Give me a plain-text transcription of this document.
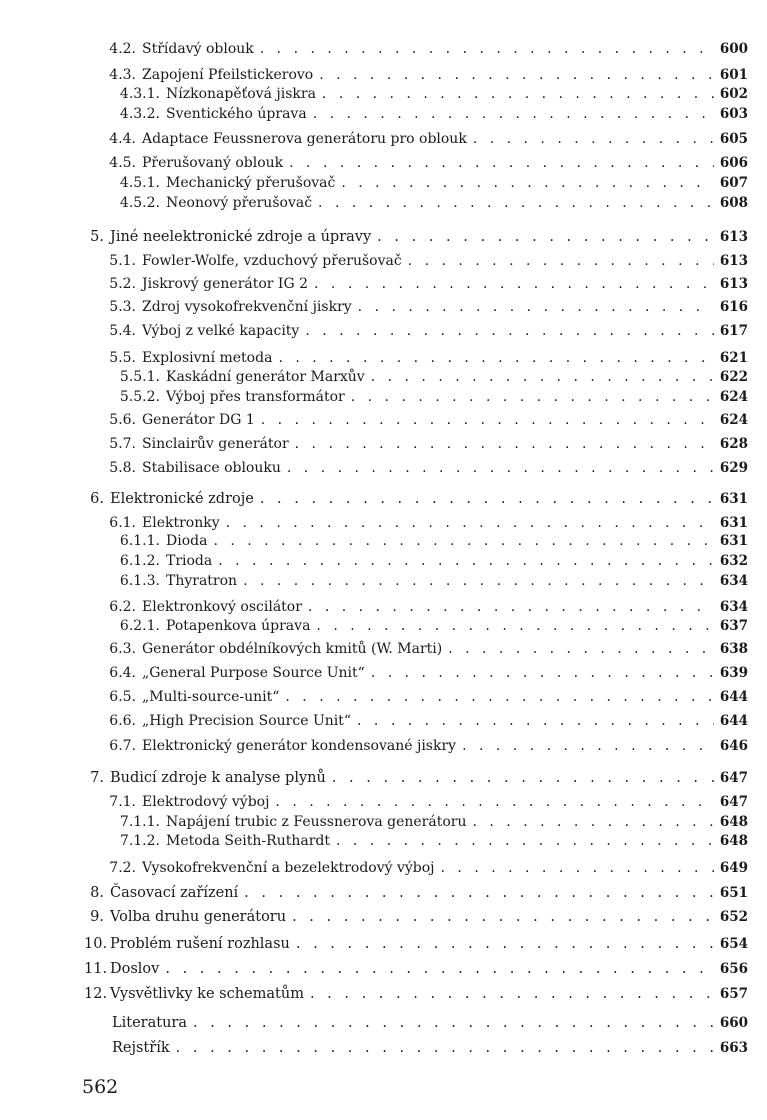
4.2. Střídavý oblouk . . .	600
4.3. Zapojení Pfeilstickerovo . . .	601
4.3.1. Nízkonapěťová jiskra . . .	602
4.3.2. Sventického úprava . . .	603
4.4. Adaptace Feussnerova generátoru pro oblouk . . .	605
4.5. Přerušovaný oblouk . . .	606
4.5.1. Mechanický přerušovač . . .	607
4.5.2. Neonový přerušovač . . .	608
5. Jiné neelektronické zdroje a úpravy . . .	613
5.1. Fowler-Wolfe, vzduchový přerušovač . . .	613
5.2. Jiskrový generátor IG 2 . . .	613
5.3. Zdroj vysokofrekvenční jiskry . . .	616
5.4. Výboj z velké kapacity . . .	617
5.5. Explosivní metoda . . .	621
5.5.1. Kaskádní generátor Marxův . . .	622
5.5.2. Výboj přes transformátor . . .	624
5.6. Generátor DG 1 . . .	624
5.7. Sinclairův generátor . . .	628
5.8. Stabilisace oblouku . . .	629
6. Elektronické zdroje . . .	631
6.1. Elektronky . . .	631
6.1.1. Dioda . . .	631
6.1.2. Trioda . . .	632
6.1.3. Thyratron . . .	634
6.2. Elektronkový oscilátor . . .	634
6.2.1. Potapenkova úprava . . .	637
6.3. Generátor obdélníkových kmitů (W. Marti) . . .	638
6.4. „General Purpose Source Unit“ . . .	639
6.5. „Multi-source-unit“ . . .	644
6.6. „High Precision Source Unit“ . . .	644
6.7. Elektronický generátor kondensované jiskry . . .	646
7. Budicí zdroje k analyse plynů . . .	647
7.1. Elektrodový výboj . . .	647
7.1.1. Napájení trubic z Feussnerova generátoru . . .	648
7.1.2. Metoda Seith-Ruthardt . . .	648
7.2. Vysokofrekvenční a bezelektrodový výboj . . .	649
8. Časovací zařízení . . .	651
9. Volba druhu generátoru . . .	652
10. Problém rušení rozhlasu . . .	654
11. Doslov . . .	656
12. Vysvětlivky ke schematům . . .	657
Literatura . . .	660
Rejstřík . . .	663
562
